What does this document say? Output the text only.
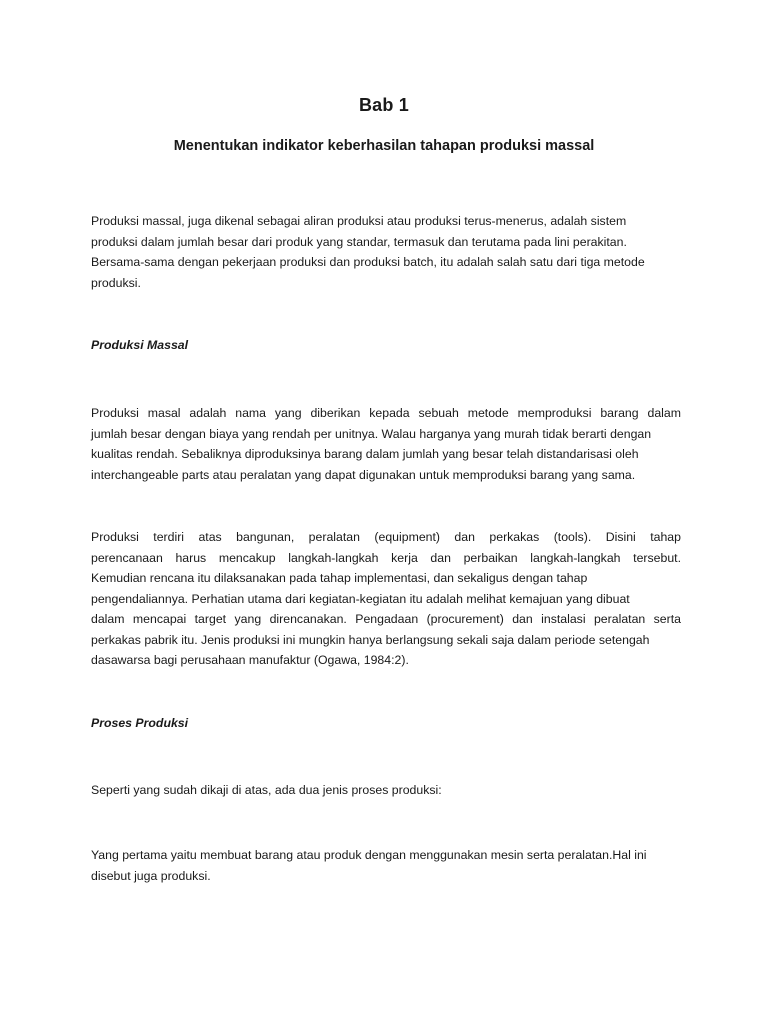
Bab 1
Menentukan indikator keberhasilan tahapan produksi massal
Produksi massal, juga dikenal sebagai aliran produksi atau produksi terus-menerus, adalah sistem
produksi dalam jumlah besar dari produk yang standar, termasuk dan terutama pada lini perakitan.
Bersama-sama dengan pekerjaan produksi dan produksi batch, itu adalah salah satu dari tiga metode
produksi.
Produksi Massal
Produksi masal adalah nama yang diberikan kepada sebuah metode memproduksi barang dalam
jumlah besar dengan biaya yang rendah per unitnya. Walau harganya yang murah tidak berarti dengan
kualitas rendah. Sebaliknya diproduksinya barang dalam jumlah yang besar telah distandarisasi oleh
interchangeable parts atau peralatan yang dapat digunakan untuk memproduksi barang yang sama.
Produksi terdiri atas bangunan, peralatan (equipment) dan perkakas (tools). Disini tahap
perencanaan harus mencakup langkah-langkah kerja dan perbaikan langkah-langkah tersebut.
Kemudian rencana itu dilaksanakan pada tahap implementasi, dan sekaligus dengan tahap
pengendaliannya. Perhatian utama dari kegiatan-kegiatan itu adalah melihat kemajuan yang dibuat
dalam mencapai target yang direncanakan. Pengadaan (procurement) dan instalasi peralatan serta
perkakas pabrik itu. Jenis produksi ini mungkin hanya berlangsung sekali saja dalam periode setengah
dasawarsa bagi perusahaan manufaktur (Ogawa, 1984:2).
Proses Produksi
Seperti yang sudah dikaji di atas, ada dua jenis proses produksi:
Yang pertama yaitu membuat barang atau produk dengan menggunakan mesin serta peralatan.Hal ini
disebut juga produksi.
